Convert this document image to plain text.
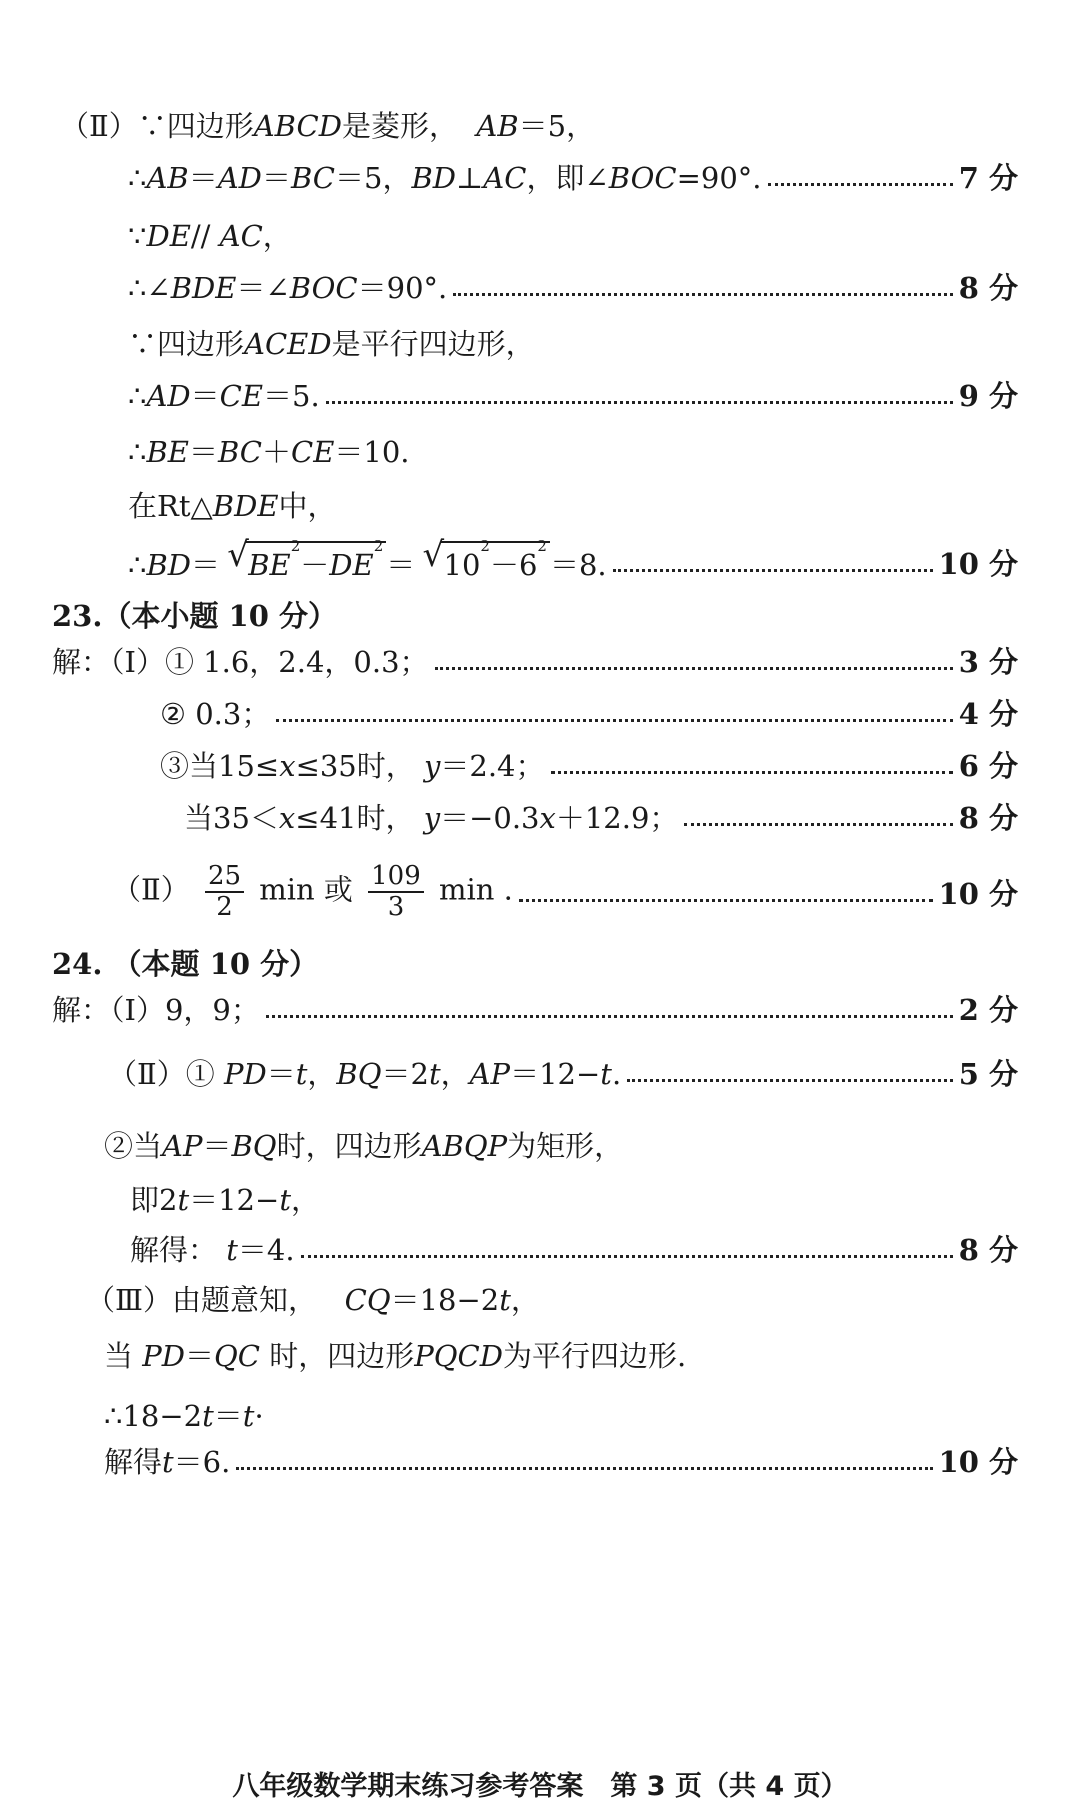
（Ⅱ）∵四边形ABCD是菱形， AB＝5，
∴AB＝AD＝BC＝5，BD⊥AC，即∠BOC=90°.	7 分
∵DE// AC，
∴∠BDE＝∠BOC＝90°.	8 分
∵四边形ACED是平行四边形，
∴AD＝CE＝5.	9 分
∴BE＝BC＋CE＝10.
在Rt△BDE中，
∴BD＝ √ $BE^2-DE^2=$ √ $10^2-6^2=8$.	10 分
23.（本小题 10 分）
解：（Ⅰ）① 1.6，2.4，0.3；	3 分
② 0.3；	4 分
③当15≤x≤35时， y＝2.4；	6 分
当35＜x≤41时， y＝−0.3x＋12.9；	8 分
（Ⅱ） $\frac{25}{2}$ min 或 $\frac{109}{3}$ min .	10 分
24. （本题 10 分）
解：（Ⅰ）9，9；	2 分
（Ⅱ）① PD＝t，BQ＝2t，AP＝12−t.	5 分
②当AP＝BQ时，四边形ABQP为矩形，
即2t＝12−t，
解得： t＝4.	8 分
（Ⅲ）由题意知， CQ＝18−2t，
当 PD＝QC 时，四边形PQCD为平行四边形.
∴18−2t＝t·
解得t＝6.	10 分
八年级数学期末练习参考答案　第 3 页（共 4 页）
